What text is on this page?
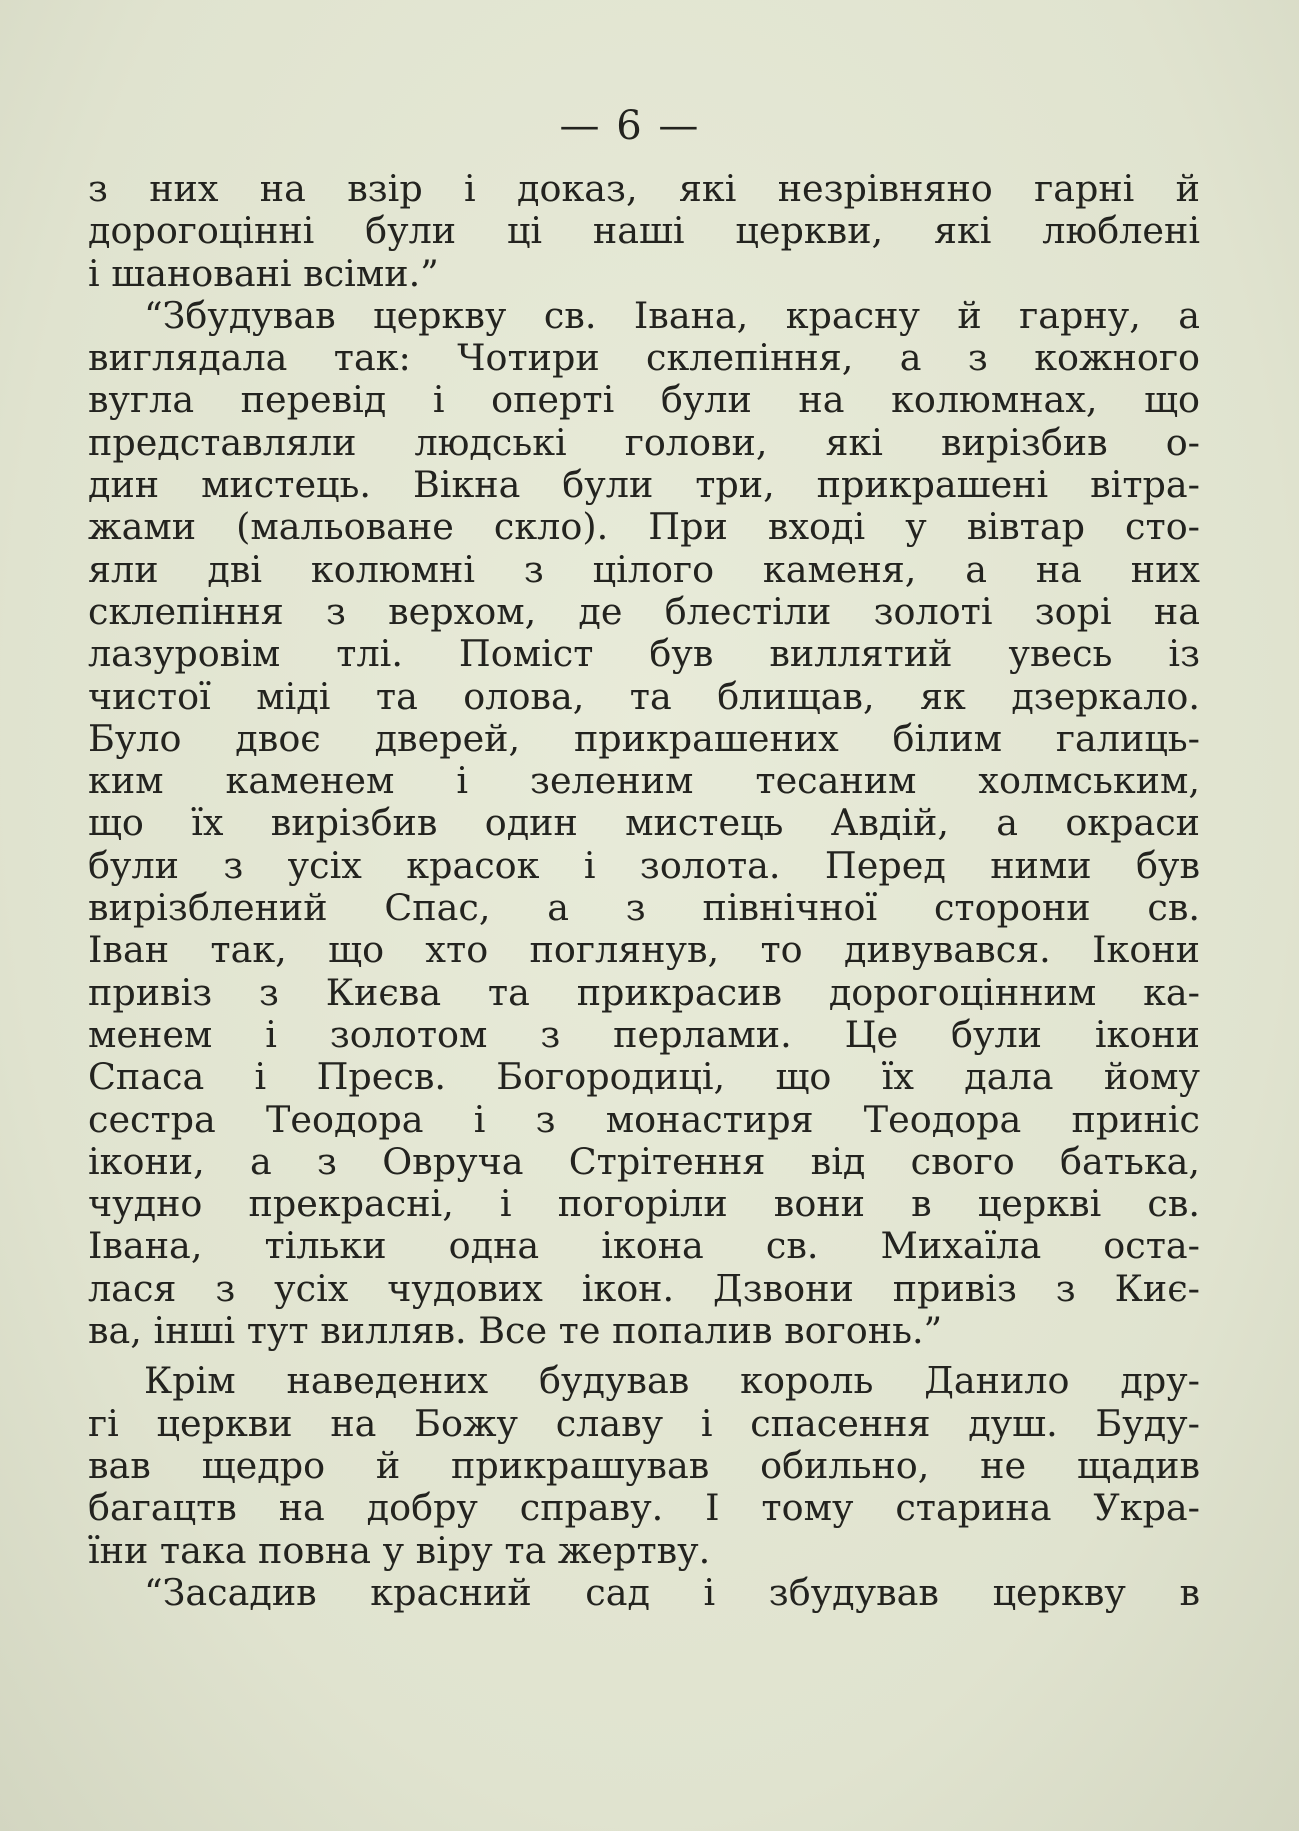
— 6 —
з них на взір і доказ, які незрівняно гарні й
дорогоцінні були ці наші церкви, які люблені
і шановані всіми.”
“Збудував церкву св. Івана, красну й гарну, а
виглядала так: Чотири склепіння, а з кожного
вугла перевід і оперті були на колюмнах, що
представляли людські голови, які вирізбив о-
дин мистець. Вікна були три, прикрашені вітра-
жами (мальоване скло). При вході у вівтар сто-
яли дві колюмні з цілого каменя, а на них
склепіння з верхом, де блестіли золоті зорі на
лазуровім тлі. Поміст був виллятий увесь із
чистої міді та олова, та блищав, як дзеркало.
Було двоє дверей, прикрашених білим галиць-
ким каменем і зеленим тесаним холмським,
що їх вирізбив один мистець Авдій, а окраси
були з усіх красок і золота. Перед ними був
вирізблений Спас, а з північної сторони св.
Іван так, що хто поглянув, то дивувався. Ікони
привіз з Києва та прикрасив дорогоцінним ка-
менем і золотом з перлами. Це були ікони
Спаса і Пресв. Богородиці, що їх дала йому
сестра Теодора і з монастиря Теодора приніс
ікони, а з Овруча Стрітення від свого батька,
чудно прекрасні, і погоріли вони в церкві св.
Івана, тільки одна ікона св. Михаїла оста-
лася з усіх чудових ікон. Дзвони привіз з Киє-
ва, інші тут вилляв. Все те попалив вогонь.”
Крім наведених будував король Данило дру-
гі церкви на Божу славу і спасення душ. Буду-
вав щедро й прикрашував обильно, не щадив
багацтв на добру справу. І тому старина Укра-
їни така повна у віру та жертву.
“Засадив красний сад і збудував церкву в
